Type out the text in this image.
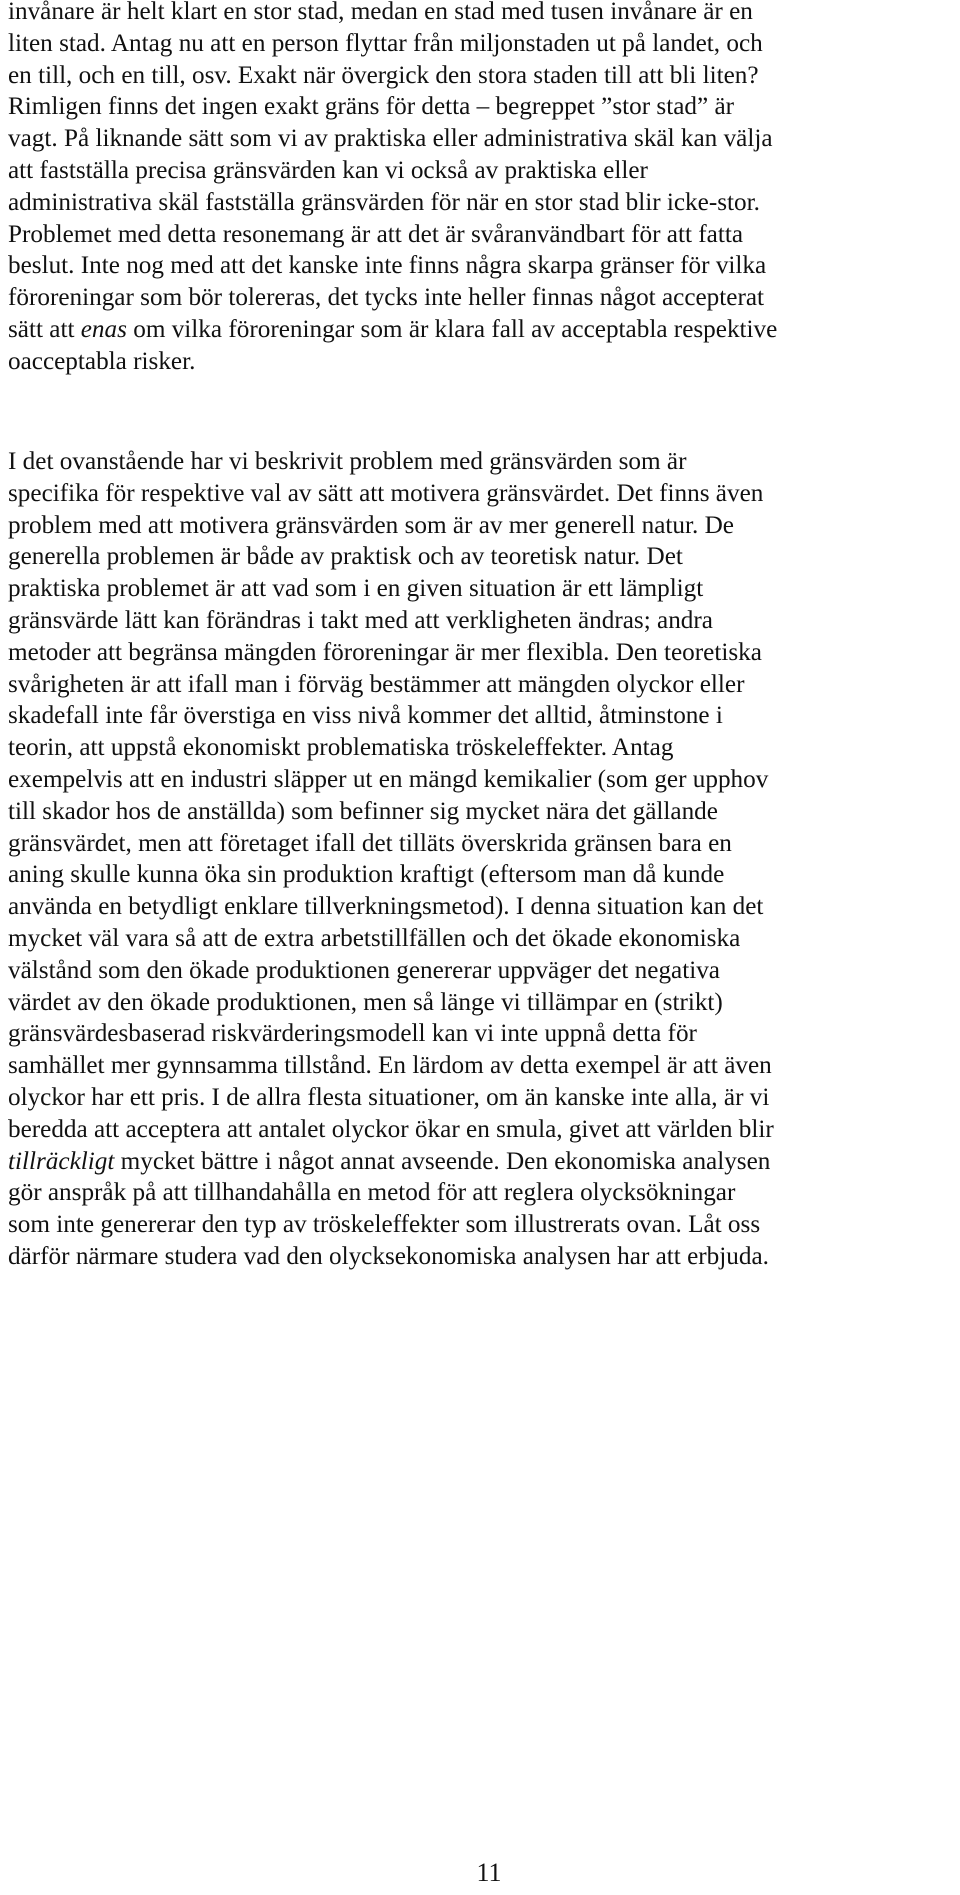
invånare är helt klart en stor stad, medan en stad med tusen invånare är en
liten stad. Antag nu att en person flyttar från miljonstaden ut på landet, och
en till, och en till, osv. Exakt när övergick den stora staden till att bli liten?
Rimligen finns det ingen exakt gräns för detta – begreppet ”stor stad” är
vagt. På liknande sätt som vi av praktiska eller administrativa skäl kan välja
att fastställa precisa gränsvärden kan vi också av praktiska eller
administrativa skäl fastställa gränsvärden för när en stor stad blir icke-stor.
Problemet med detta resonemang är att det är svåranvändbart för att fatta
beslut. Inte nog med att det kanske inte finns några skarpa gränser för vilka
föroreningar som bör tolereras, det tycks inte heller finnas något accepterat
sätt att enas om vilka föroreningar som är klara fall av acceptabla respektive
oacceptabla risker.

I det ovanstående har vi beskrivit problem med gränsvärden som är
specifika för respektive val av sätt att motivera gränsvärdet. Det finns även
problem med att motivera gränsvärden som är av mer generell natur. De
generella problemen är både av praktisk och av teoretisk natur. Det
praktiska problemet är att vad som i en given situation är ett lämpligt
gränsvärde lätt kan förändras i takt med att verkligheten ändras; andra
metoder att begränsa mängden föroreningar är mer flexibla. Den teoretiska
svårigheten är att ifall man i förväg bestämmer att mängden olyckor eller
skadefall inte får överstiga en viss nivå kommer det alltid, åtminstone i
teorin, att uppstå ekonomiskt problematiska tröskeleffekter. Antag
exempelvis att en industri släpper ut en mängd kemikalier (som ger upphov
till skador hos de anställda) som befinner sig mycket nära det gällande
gränsvärdet, men att företaget ifall det tilläts överskrida gränsen bara en
aning skulle kunna öka sin produktion kraftigt (eftersom man då kunde
använda en betydligt enklare tillverkningsmetod). I denna situation kan det
mycket väl vara så att de extra arbetstillfällen och det ökade ekonomiska
välstånd som den ökade produktionen genererar uppväger det negativa
värdet av den ökade produktionen, men så länge vi tillämpar en (strikt)
gränsvärdesbaserad riskvärderingsmodell kan vi inte uppnå detta för
samhället mer gynnsamma tillstånd. En lärdom av detta exempel är att även
olyckor har ett pris. I de allra flesta situationer, om än kanske inte alla, är vi
beredda att acceptera att antalet olyckor ökar en smula, givet att världen blir
tillräckligt mycket bättre i något annat avseende. Den ekonomiska analysen
gör anspråk på att tillhandahålla en metod för att reglera olycksökningar
som inte genererar den typ av tröskeleffekter som illustrerats ovan. Låt oss
därför närmare studera vad den olycksekonomiska analysen har att erbjuda.

11
